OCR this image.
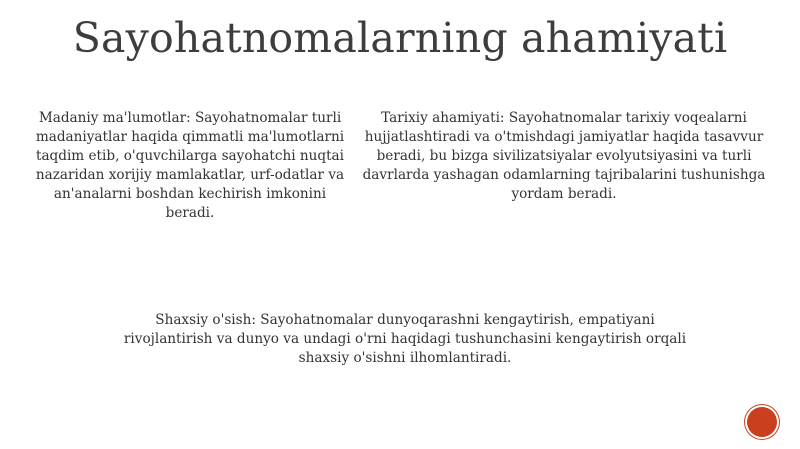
Sayohatnomalarning ahamiyati

Madaniy ma'lumotlar: Sayohatnomalar turli madaniyatlar haqida qimmatli ma'lumotlarni taqdim etib, o'quvchilarga sayohatchi nuqtai nazaridan xorijiy mamlakatlar, urf-odatlar va an'analarni boshdan kechirish imkonini beradi.

Tarixiy ahamiyati: Sayohatnomalar tarixiy voqealarni hujjatlashtiradi va o'tmishdagi jamiyatlar haqida tasavvur beradi, bu bizga sivilizatsiyalar evolyutsiyasini va turli davrlarda yashagan odamlarning tajribalarini tushunishga yordam beradi.

Shaxsiy o'sish: Sayohatnomalar dunyoqarashni kengaytirish, empatiyani rivojlantirish va dunyo va undagi o'rni haqidagi tushunchasini kengaytirish orqali shaxsiy o'sishni ilhomlantiradi.
